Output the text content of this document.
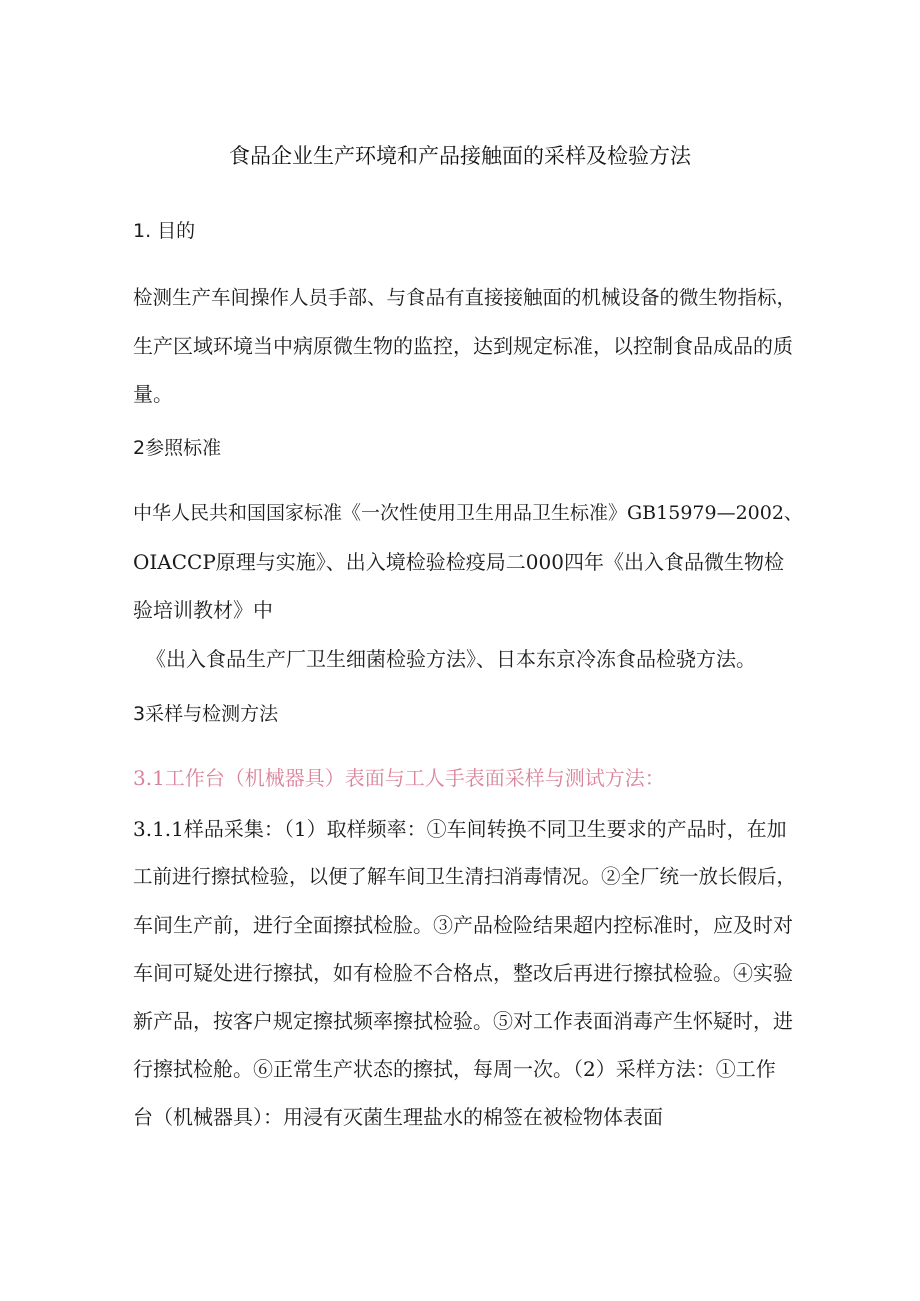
食品企业生产环境和产品接触面的采样及检验方法
1. 目的
检测生产车间操作人员手部、与食品有直接接触面的机械设备的微生物指标，
生产区域环境当中病原微生物的监控，达到规定标准，以控制食品成品的质
量。
2参照标准
中华人民共和国国家标准《一次性使用卫生用品卫生标准》GB15979—2002、
OIACCP原理与实施》、出入境检验检疫局二000四年《出入食品微生物检
验培训教材》中
《出入食品生产厂卫生细菌检验方法》、日本东京冷冻食品检骁方法。
3采样与检测方法
3.1工作台（机械器具）表面与工人手表面采样与测试方法：
3.1.1样品采集：（1）取样频率：①车间转换不同卫生要求的产品时，在加
工前进行擦拭检验，以便了解车间卫生清扫消毒情况。②全厂统一放长假后，
车间生产前，进行全面擦拭检脸。③产品检险结果超内控标准时，应及时对
车间可疑处进行擦拭，如有检脸不合格点，整改后再进行擦拭检验。④实验
新产品，按客户规定擦拭频率擦拭检验。⑤对工作表面消毒产生怀疑时，进
行擦拭检舱。⑥正常生产状态的擦拭，每周一次。（2）采样方法：①工作
台（机械器具）：用浸有灭菌生理盐水的棉签在被检物体表面
